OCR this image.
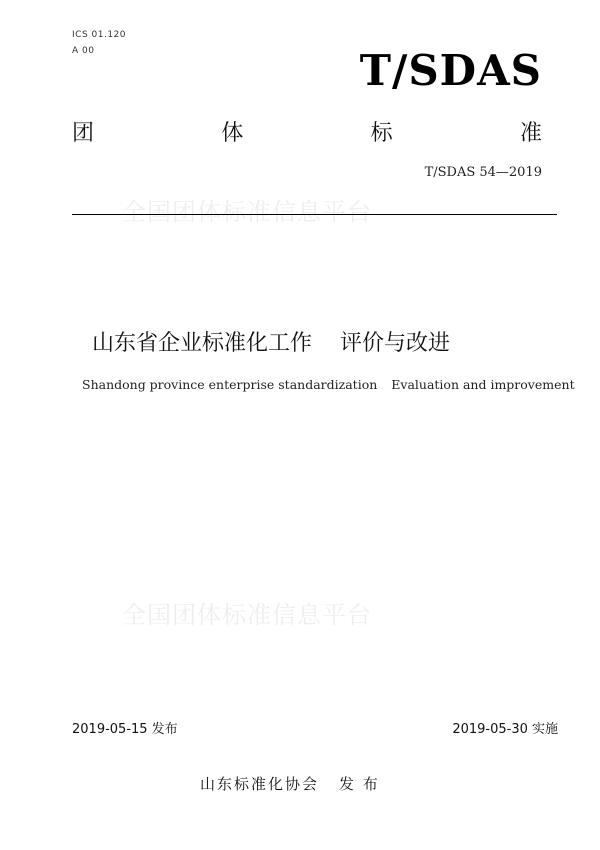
ICS 01.120
A 00	T/SDAS
团	体	标	准
T/SDAS 54—2019
全国团体标准信息平台
山东省企业标准化工作 评价与改进
Shandong province enterprise standardization Evaluation and improvement
全国团体标准信息平台
2019-05-15 发布	2019-05-30 实施
山东标准化协会 发 布
